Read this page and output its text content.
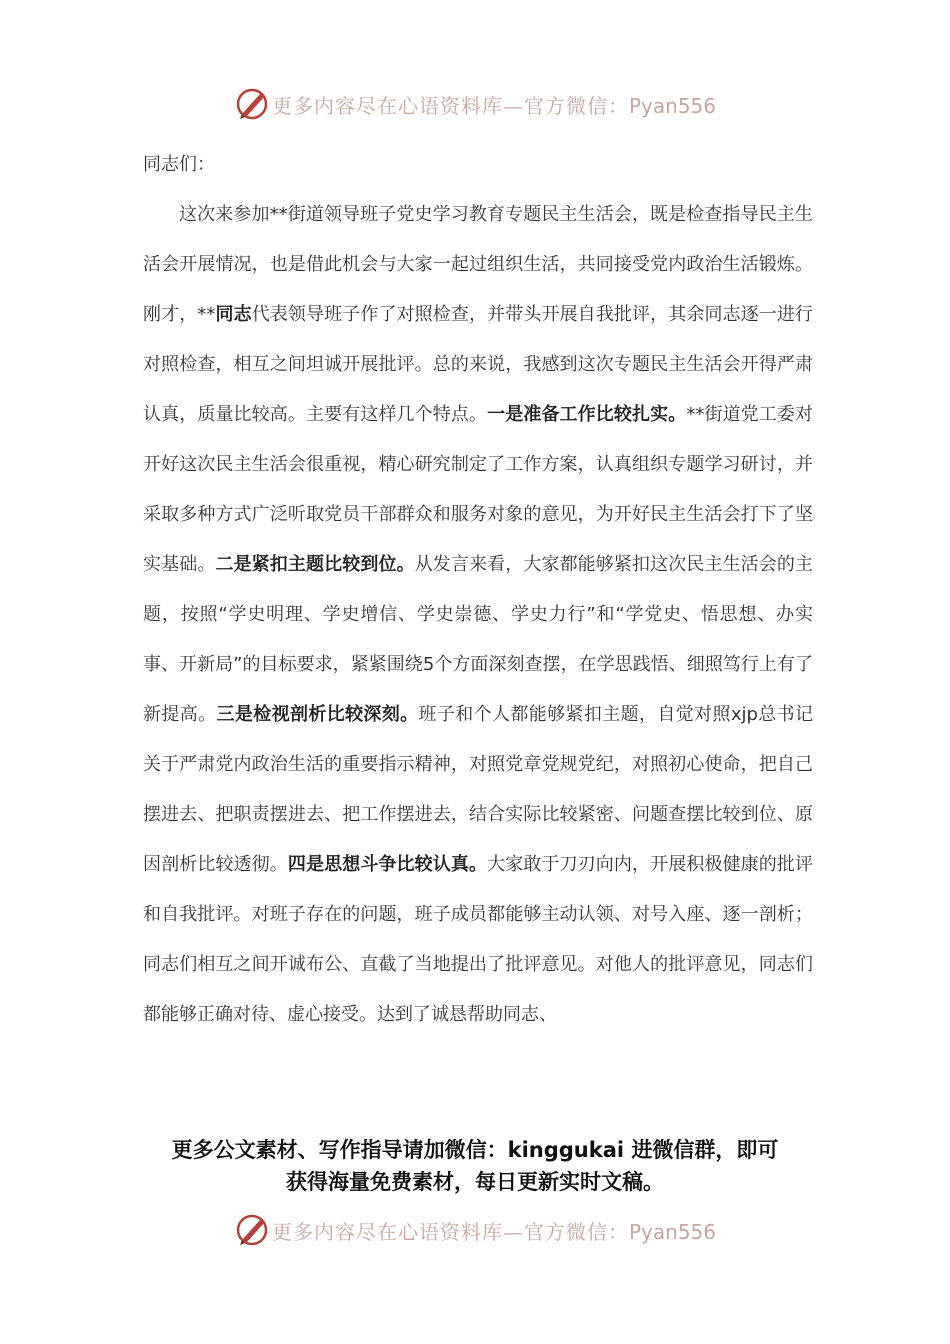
更多内容尽在心语资料库—官方微信：Pyan556

同志们：

这次来参加**街道领导班子党史学习教育专题民主生活会，既是检查指导民主生活会开展情况，也是借此机会与大家一起过组织生活，共同接受党内政治生活锻炼。刚才，**同志代表领导班子作了对照检查，并带头开展自我批评，其余同志逐一进行对照检查，相互之间坦诚开展批评。总的来说，我感到这次专题民主生活会开得严肃认真，质量比较高。主要有这样几个特点。一是准备工作比较扎实。**街道党工委对开好这次民主生活会很重视，精心研究制定了工作方案，认真组织专题学习研讨，并采取多种方式广泛听取党员干部群众和服务对象的意见，为开好民主生活会打下了坚实基础。二是紧扣主题比较到位。从发言来看，大家都能够紧扣这次民主生活会的主题，按照“学史明理、学史增信、学史崇德、学史力行”和“学党史、悟思想、办实事、开新局”的目标要求，紧紧围绕5个方面深刻查摆，在学思践悟、细照笃行上有了新提高。三是检视剖析比较深刻。班子和个人都能够紧扣主题，自觉对照xjp总书记关于严肃党内政治生活的重要指示精神，对照党章党规党纪，对照初心使命，把自己摆进去、把职责摆进去、把工作摆进去，结合实际比较紧密、问题查摆比较到位、原因剖析比较透彻。四是思想斗争比较认真。大家敢于刀刃向内，开展积极健康的批评和自我批评。对班子存在的问题，班子成员都能够主动认领、对号入座、逐一剖析；同志们相互之间开诚布公、直截了当地提出了批评意见。对他人的批评意见，同志们都能够正确对待、虚心接受。达到了诚恳帮助同志、

更多公文素材、写作指导请加微信：kinggukai 进微信群，即可
获得海量免费素材，每日更新实时文稿。
更多内容尽在心语资料库—官方微信：Pyan556
